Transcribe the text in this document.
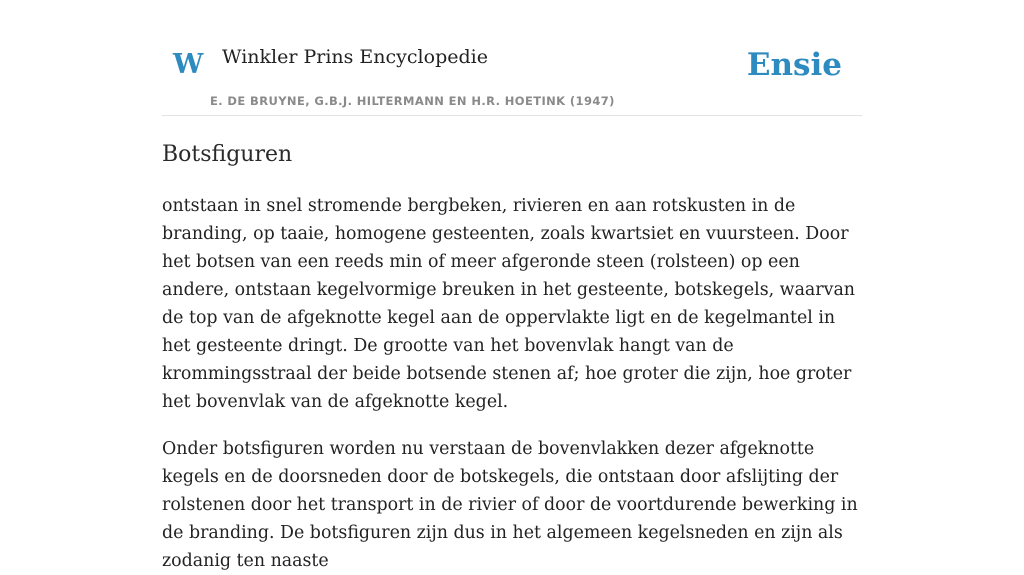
W Winkler Prins Encyclopedie
E. DE BRUYNE, G.B.J. HILTERMANN EN H.R. HOETINK (1947)
Ensie
Botsfiguren

ontstaan in snel stromende bergbeken, rivieren en aan rotskusten in de branding, op taaie, homogene gesteenten, zoals kwartsiet en vuursteen. Door het botsen van een reeds min of meer afgeronde steen (rolsteen) op een andere, ontstaan kegelvormige breuken in het gesteente, botskegels, waarvan de top van de afgeknotte kegel aan de oppervlakte ligt en de kegelmantel in het gesteente dringt. De grootte van het bovenvlak hangt van de krommingsstraal der beide botsende stenen af; hoe groter die zijn, hoe groter het bovenvlak van de afgeknotte kegel.

Onder botsfiguren worden nu verstaan de bovenvlakken dezer afgeknotte kegels en de doorsneden door de botskegels, die ontstaan door afslijting der rolstenen door het transport in de rivier of door de voortdurende bewerking in de branding. De botsfiguren zijn dus in het algemeen kegelsneden en zijn als zodanig ten naaste
